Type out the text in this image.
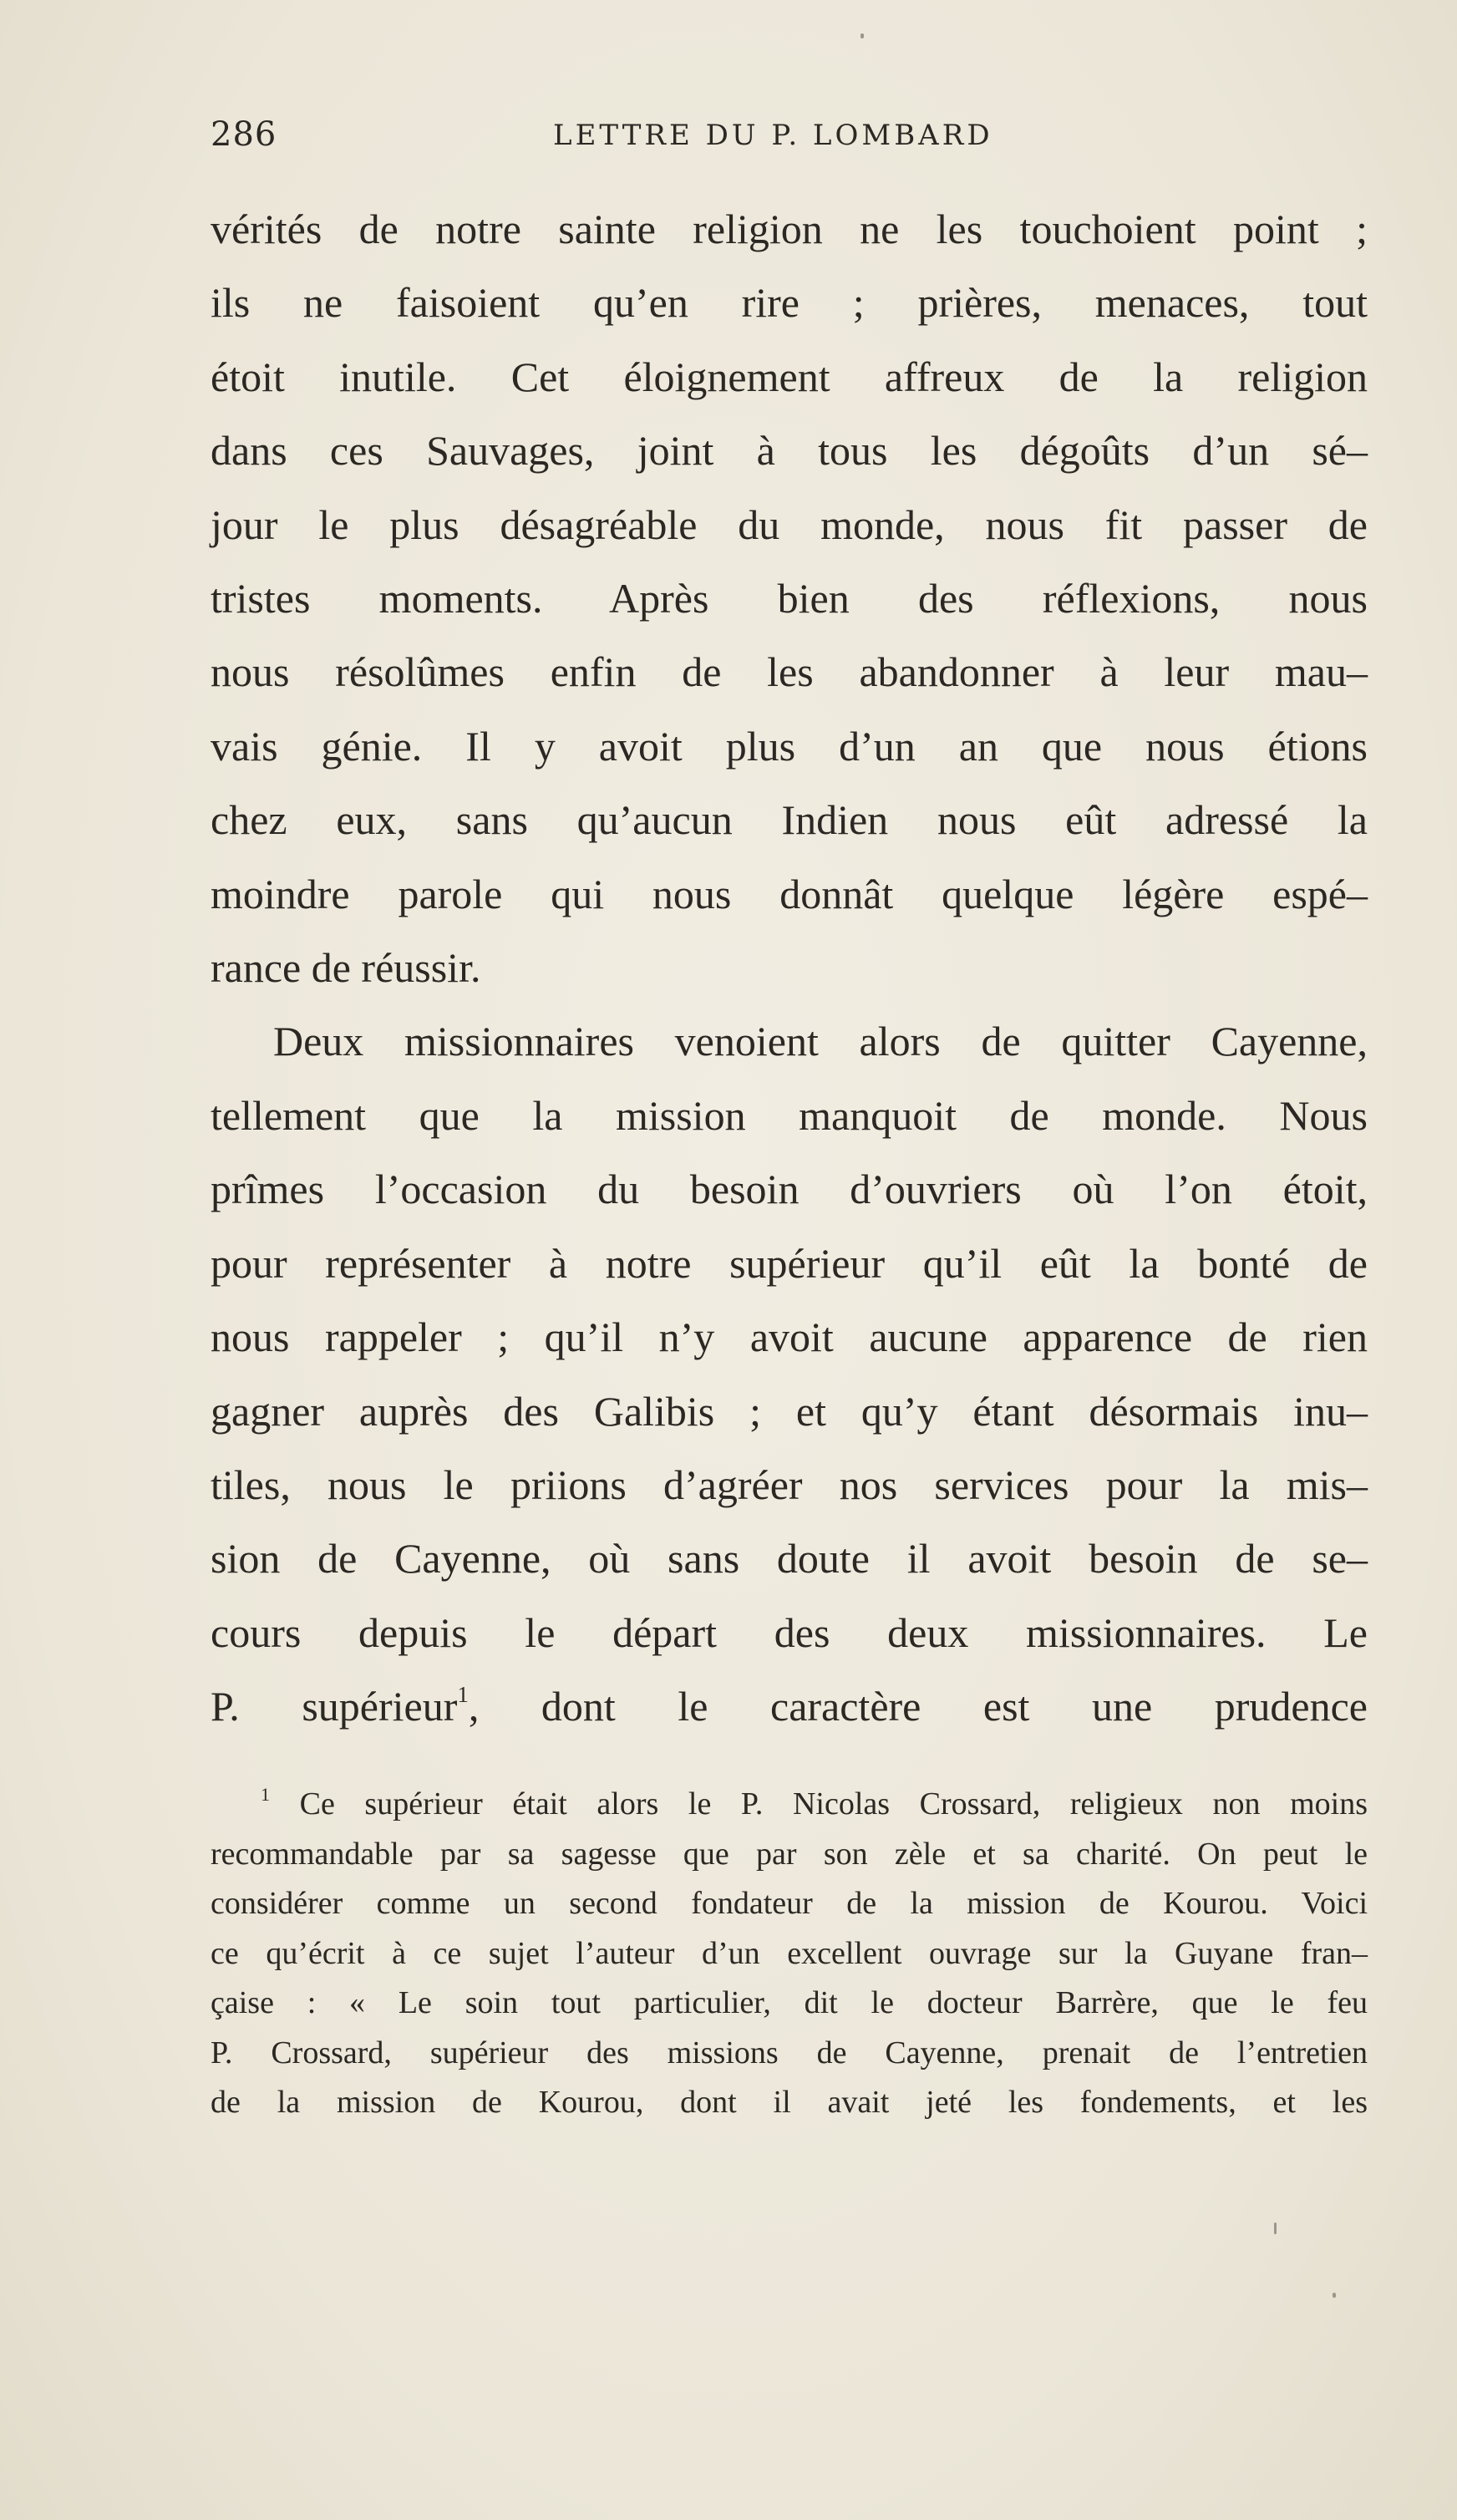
286	LETTRE DU P. LOMBARD

vérités de notre sainte religion ne les touchoient point ;

ils ne faisoient qu’en rire ; prières, menaces, tout

étoit inutile. Cet éloignement affreux de la religion

dans ces Sauvages, joint à tous les dégoûts d’un sé–

jour le plus désagréable du monde, nous fit passer de

tristes moments. Après bien des réflexions, nous

nous résolûmes enfin de les abandonner à leur mau–

vais génie. Il y avoit plus d’un an que nous étions

chez eux, sans qu’aucun Indien nous eût adressé la

moindre parole qui nous donnât quelque légère espé–

rance de réussir.

Deux missionnaires venoient alors de quitter Cayenne,

tellement que la mission manquoit de monde. Nous

prîmes l’occasion du besoin d’ouvriers où l’on étoit,

pour représenter à notre supérieur qu’il eût la bonté de

nous rappeler ; qu’il n’y avoit aucune apparence de rien

gagner auprès des Galibis ; et qu’y étant désormais inu–

tiles, nous le priions d’agréer nos services pour la mis–

sion de Cayenne, où sans doute il avoit besoin de se–

cours depuis le départ des deux missionnaires. Le

P. supérieur$^1$, dont le caractère est une prudence

$^1$ Ce supérieur était alors le P. Nicolas Crossard, religieux non moins

recommandable par sa sagesse que par son zèle et sa charité. On peut le

considérer comme un second fondateur de la mission de Kourou. Voici

ce qu’écrit à ce sujet l’auteur d’un excellent ouvrage sur la Guyane fran–

çaise : « Le soin tout particulier, dit le docteur Barrère, que le feu

P. Crossard, supérieur des missions de Cayenne, prenait de l’entretien

de la mission de Kourou, dont il avait jeté les fondements, et les
